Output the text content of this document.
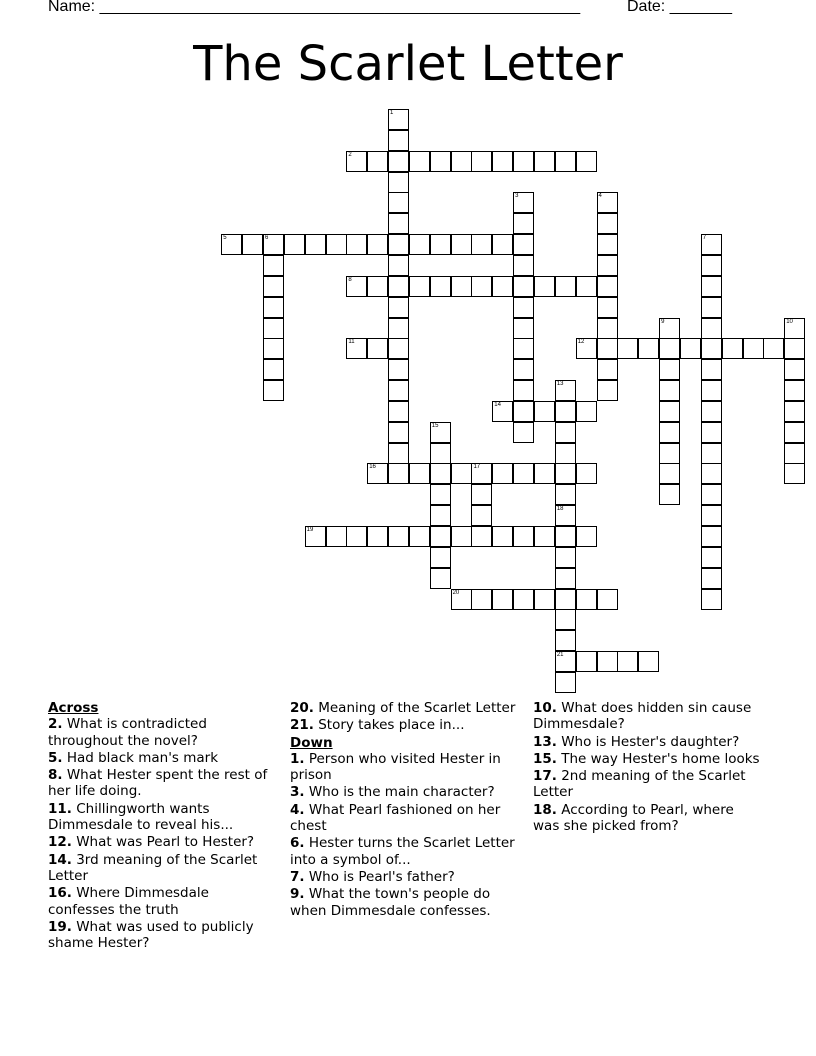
Name: ______________________________________________________	Date: _______
The Scarlet Letter
1
2
3	4
5	6	7
8
9	10
11	12
13
14
15
16	17
18
21
19
20
Across
2. What is contradicted throughout the novel?
5. Had black man's mark
8. What Hester spent the rest of her life doing.
11. Chillingworth wants Dimmesdale to reveal his...
12. What was Pearl to Hester?
14. 3rd meaning of the Scarlet Letter
16. Where Dimmesdale confesses the truth
19. What was used to publicly shame Hester?
20. Meaning of the Scarlet Letter
21. Story takes place in...
Down
1. Person who visited Hester in prison
3. Who is the main character?
4. What Pearl fashioned on her chest
6. Hester turns the Scarlet Letter into a symbol of...
7. Who is Pearl's father?
9. What the town's people do when Dimmesdale confesses.
10. What does hidden sin cause Dimmesdale?
13. Who is Hester's daughter?
15. The way Hester's home looks
17. 2nd meaning of the Scarlet Letter
18. According to Pearl, where was she picked from?
